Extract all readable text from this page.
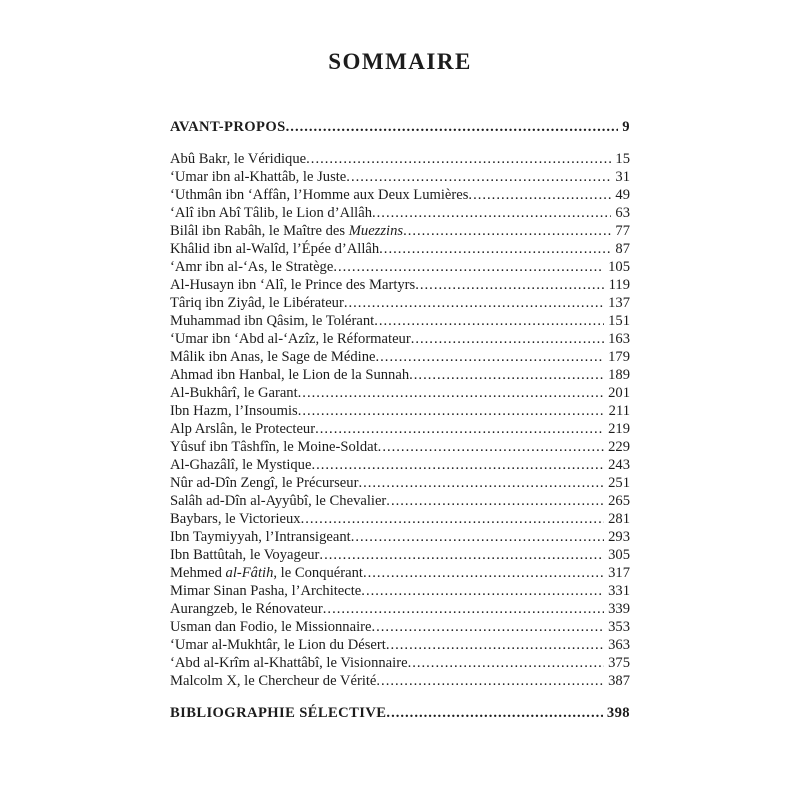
SOMMAIRE
AVANT-PROPOS .....	9
Abû Bakr, le Véridique .....	15
‘Umar ibn al-Khattâb, le Juste .....	31
‘Uthmân ibn ‘Affân, l’Homme aux Deux Lumières .....	49
‘Alî ibn Abî Tâlib, le Lion d’Allâh .....	63
Bilâl ibn Rabâh, le Maître des Muezzins .....	77
Khâlid ibn al-Walîd, l’Épée d’Allâh .....	87
‘Amr ibn al-‘As, le Stratège .....	105
Al-Husayn ibn ‘Alî, le Prince des Martyrs .....	119
Târiq ibn Ziyâd, le Libérateur .....	137
Muhammad ibn Qâsim, le Tolérant .....	151
‘Umar ibn ‘Abd al-‘Azîz, le Réformateur .....	163
Mâlik ibn Anas, le Sage de Médine .....	179
Ahmad ibn Hanbal, le Lion de la Sunnah .....	189
Al-Bukhârî, le Garant .....	201
Ibn Hazm, l’Insoumis .....	211
Alp Arslân, le Protecteur .....	219
Yûsuf ibn Tâshfîn, le Moine-Soldat .....	229
Al-Ghazâlî, le Mystique .....	243
Nûr ad-Dîn Zengî, le Précurseur .....	251
Salâh ad-Dîn al-Ayyûbî, le Chevalier .....	265
Baybars, le Victorieux .....	281
Ibn Taymiyyah, l’Intransigeant .....	293
Ibn Battûtah, le Voyageur .....	305
Mehmed al-Fâtih, le Conquérant .....	317
Mimar Sinan Pasha, l’Architecte .....	331
Aurangzeb, le Rénovateur .....	339
Usman dan Fodio, le Missionnaire .....	353
‘Umar al-Mukhtâr, le Lion du Désert .....	363
‘Abd al-Krîm al-Khattâbî, le Visionnaire .....	375
Malcolm X, le Chercheur de Vérité .....	387
BIBLIOGRAPHIE SÉLECTIVE .....	398
